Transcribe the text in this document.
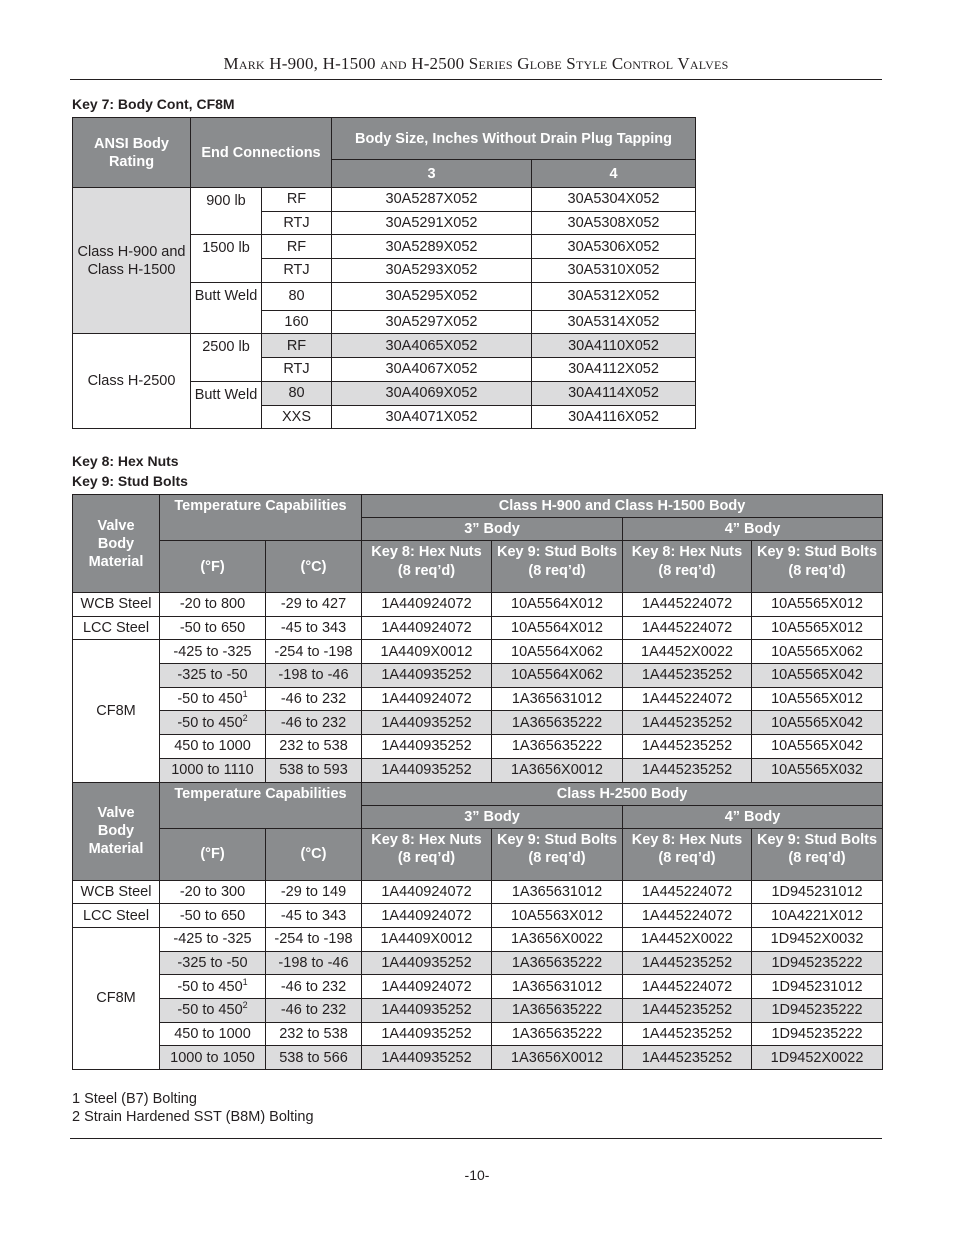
Mark H-900, H-1500 and H-2500 Series Globe Style Control Valves
Key 7: Body Cont, CF8M
ANSI Body Rating	End Connections		Body Size, Inches Without Drain Plug Tapping	
			3	4
Class H-900 and Class H-1500	900 lb	RF	30A5287X052	30A5304X052
		RTJ	30A5291X052	30A5308X052
	1500 lb	RF	30A5289X052	30A5306X052
		RTJ	30A5293X052	30A5310X052
	Butt Weld	80	30A5295X052	30A5312X052
		160	30A5297X052	30A5314X052
Class H-2500	2500 lb	RF	30A4065X052	30A4110X052
		RTJ	30A4067X052	30A4112X052
	Butt Weld	80	30A4069X052	30A4114X052
		XXS	30A4071X052	30A4116X052
Key 8: Hex Nuts
Key 9: Stud Bolts
Valve Body Material	Temperature Capabilities		Class H-900 and Class H-1500 Body			
			3” Body		4” Body	
	(°F)	(°C)	Key 8: Hex Nuts (8 req’d)	Key 9: Stud Bolts (8 req’d)	Key 8: Hex Nuts (8 req’d)	Key 9: Stud Bolts (8 req’d)
WCB Steel	-20 to 800	-29 to 427	1A440924072	10A5564X012	1A445224072	10A5565X012
LCC Steel	-50 to 650	-45 to 343	1A440924072	10A5564X012	1A445224072	10A5565X012
CF8M	-425 to -325	-254 to -198	1A4409X0012	10A5564X062	1A4452X0022	10A5565X062
	-325 to -50	-198 to -46	1A440935252	10A5564X062	1A445235252	10A5565X042
	-50 to $450^1$	-46 to 232	1A440924072	1A365631012	1A445224072	10A5565X012
	-50 to $450^2$	-46 to 232	1A440935252	1A365635222	1A445235252	10A5565X042
	450 to 1000	232 to 538	1A440935252	1A365635222	1A445235252	10A5565X042
	1000 to 1110	538 to 593	1A440935252	1A3656X0012	1A445235252	10A5565X032
Valve Body Material	Temperature Capabilities		Class H-2500 Body			
			3” Body		4” Body	
	(°F)	(°C)	Key 8: Hex Nuts (8 req’d)	Key 9: Stud Bolts (8 req’d)	Key 8: Hex Nuts (8 req’d)	Key 9: Stud Bolts (8 req’d)
WCB Steel	-20 to 300	-29 to 149	1A440924072	1A365631012	1A445224072	1D945231012
LCC Steel	-50 to 650	-45 to 343	1A440924072	10A5563X012	1A445224072	10A4221X012
CF8M	-425 to -325	-254 to -198	1A4409X0012	1A3656X0022	1A4452X0022	1D9452X0032
	-325 to -50	-198 to -46	1A440935252	1A365635222	1A445235252	1D945235222
	-50 to $450^1$	-46 to 232	1A440924072	1A365631012	1A445224072	1D945231012
	-50 to $450^2$	-46 to 232	1A440935252	1A365635222	1A445235252	1D945235222
	450 to 1000	232 to 538	1A440935252	1A365635222	1A445235252	1D945235222
	1000 to 1050	538 to 566	1A440935252	1A3656X0012	1A445235252	1D9452X0022
1 Steel (B7) Bolting
2 Strain Hardened SST (B8M) Bolting
-10-
